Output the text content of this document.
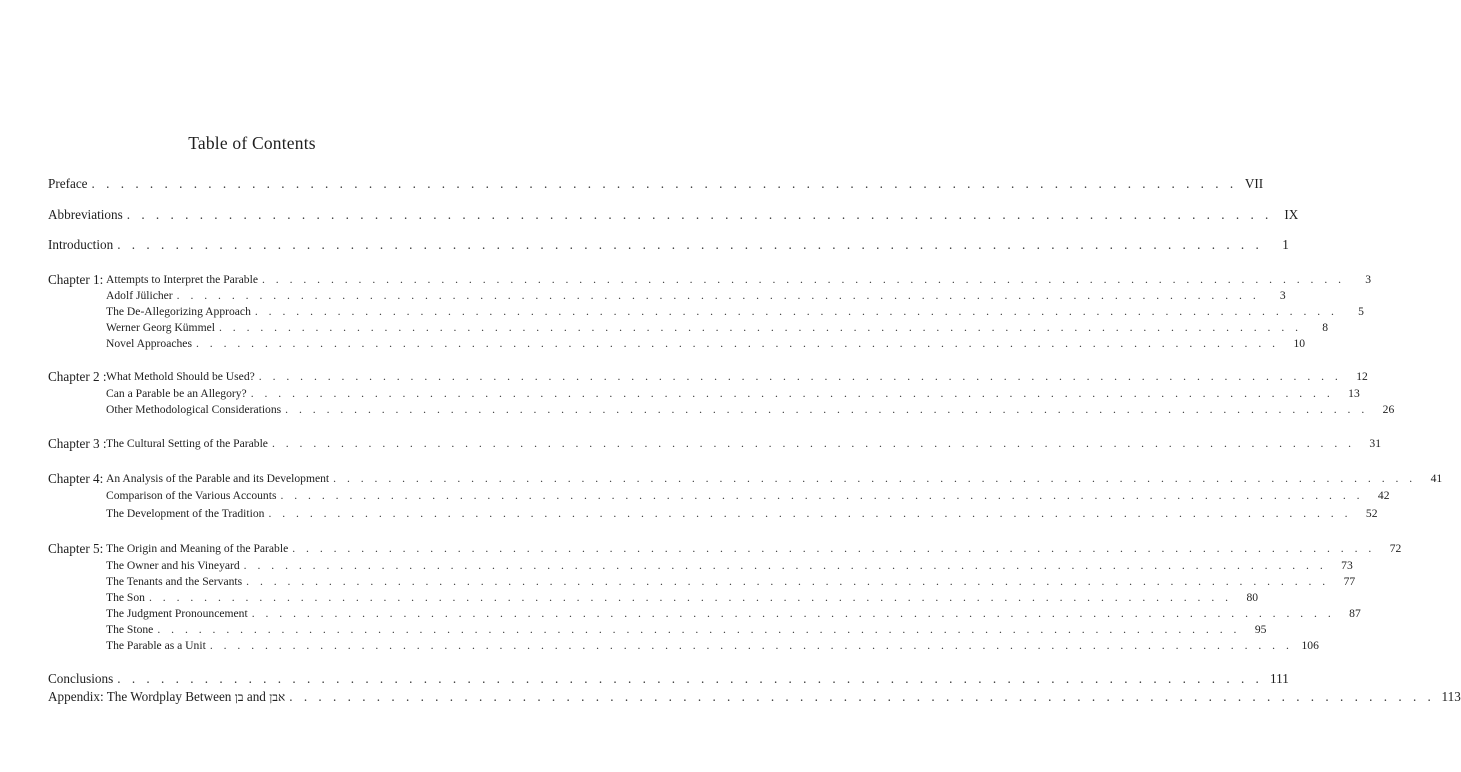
Table of Contents
Preface . . . . . . . . . . . . . . . . . . . . . . . . . . . . . . . . . . . . . . . . . . . . . . . . . . . . . . . . . . . . . . . . . . . . . . . . . . . . . . . VII
Abbreviations . . . . . . . . . . . . . . . . . . . . . . . . . . . . . . . . . . . . . . . . . . . . . . . . . . . . . . . . . . . . . . . . . . . . . . . . . . . . . . . IX
Introduction . . . . . . . . . . . . . . . . . . . . . . . . . . . . . . . . . . . . . . . . . . . . . . . . . . . . . . . . . . . . . . . . . . . . . . . . . . . . . . .	1
Chapter 1: Attempts to Interpret the Parable . . . . . . . . . . . . . . . . . . . . . . . . . . . . . . . . . . . . . . . . . . . . . . . . . . . . . . . . . . . . . . . . . . . . . . . . . . . . . . .	3
Adolf Jülicher . . . . . . . . . . . . . . . . . . . . . . . . . . . . . . . . . . . . . . . . . . . . . . . . . . . . . . . . . . . . . . . . . . . . . . . . . . . . . . .	3
The De-Allegorizing Approach . . . . . . . . . . . . . . . . . . . . . . . . . . . . . . . . . . . . . . . . . . . . . . . . . . . . . . . . . . . . . . . . . . . . . . . . . . . . . . .	5
Werner Georg Kümmel . . . . . . . . . . . . . . . . . . . . . . . . . . . . . . . . . . . . . . . . . . . . . . . . . . . . . . . . . . . . . . . . . . . . . . . . . . . . . . .	8
Novel Approaches . . . . . . . . . . . . . . . . . . . . . . . . . . . . . . . . . . . . . . . . . . . . . . . . . . . . . . . . . . . . . . . . . . . . . . . . . . . . . . .	10
Chapter 2 : What Methold Should be Used? . . . . . . . . . . . . . . . . . . . . . . . . . . . . . . . . . . . . . . . . . . . . . . . . . . . . . . . . . . . . . . . . . . . . . . . . . . . . . . .	12
Can a Parable be an Allegory? . . . . . . . . . . . . . . . . . . . . . . . . . . . . . . . . . . . . . . . . . . . . . . . . . . . . . . . . . . . . . . . . . . . . . . . . . . . . . . .	13
Other Methodological Considerations . . . . . . . . . . . . . . . . . . . . . . . . . . . . . . . . . . . . . . . . . . . . . . . . . . . . . . . . . . . . . . . . . . . . . . . . . . . . . . .	26
Chapter 3 : The Cultural Setting of the Parable . . . . . . . . . . . . . . . . . . . . . . . . . . . . . . . . . . . . . . . . . . . . . . . . . . . . . . . . . . . . . . . . . . . . . . . . . . . . . . .	31
Chapter 4: An Analysis of the Parable and its Development . . . . . . . . . . . . . . . . . . . . . . . . . . . . . . . . . . . . . . . . . . . . . . . . . . . . . . . . . . . . . . . . . . . . . . . . . . . . . . .	41
Comparison of the Various Accounts . . . . . . . . . . . . . . . . . . . . . . . . . . . . . . . . . . . . . . . . . . . . . . . . . . . . . . . . . . . . . . . . . . . . . . . . . . . . . . .	42
The Development of the Tradition . . . . . . . . . . . . . . . . . . . . . . . . . . . . . . . . . . . . . . . . . . . . . . . . . . . . . . . . . . . . . . . . . . . . . . . . . . . . . . .	52
Chapter 5: The Origin and Meaning of the Parable . . . . . . . . . . . . . . . . . . . . . . . . . . . . . . . . . . . . . . . . . . . . . . . . . . . . . . . . . . . . . . . . . . . . . . . . . . . . . . .	72
The Owner and his Vineyard . . . . . . . . . . . . . . . . . . . . . . . . . . . . . . . . . . . . . . . . . . . . . . . . . . . . . . . . . . . . . . . . . . . . . . . . . . . . . . .	73
The Tenants and the Servants . . . . . . . . . . . . . . . . . . . . . . . . . . . . . . . . . . . . . . . . . . . . . . . . . . . . . . . . . . . . . . . . . . . . . . . . . . . . . . .	77
The Son . . . . . . . . . . . . . . . . . . . . . . . . . . . . . . . . . . . . . . . . . . . . . . . . . . . . . . . . . . . . . . . . . . . . . . . . . . . . . . .	80
The Judgment Pronouncement . . . . . . . . . . . . . . . . . . . . . . . . . . . . . . . . . . . . . . . . . . . . . . . . . . . . . . . . . . . . . . . . . . . . . . . . . . . . . . .	87
The Stone . . . . . . . . . . . . . . . . . . . . . . . . . . . . . . . . . . . . . . . . . . . . . . . . . . . . . . . . . . . . . . . . . . . . . . . . . . . . . . .	95
The Parable as a Unit . . . . . . . . . . . . . . . . . . . . . . . . . . . . . . . . . . . . . . . . . . . . . . . . . . . . . . . . . . . . . . . . . . . . . . . . . . . . . . . 106
Conclusions . . . . . . . . . . . . . . . . . . . . . . . . . . . . . . . . . . . . . . . . . . . . . . . . . . . . . . . . . . . . . . . . . . . . . . . . . . . . . . . 111
Appendix: The Wordplay Between בן and אבן . . . . . . . . . . . . . . . . . . . . . . . . . . . . . . . . . . . . . . . . . . . . . . . . . . . . . . . . . . . . . . . . . . . . . . . . . . . . . . . 113
